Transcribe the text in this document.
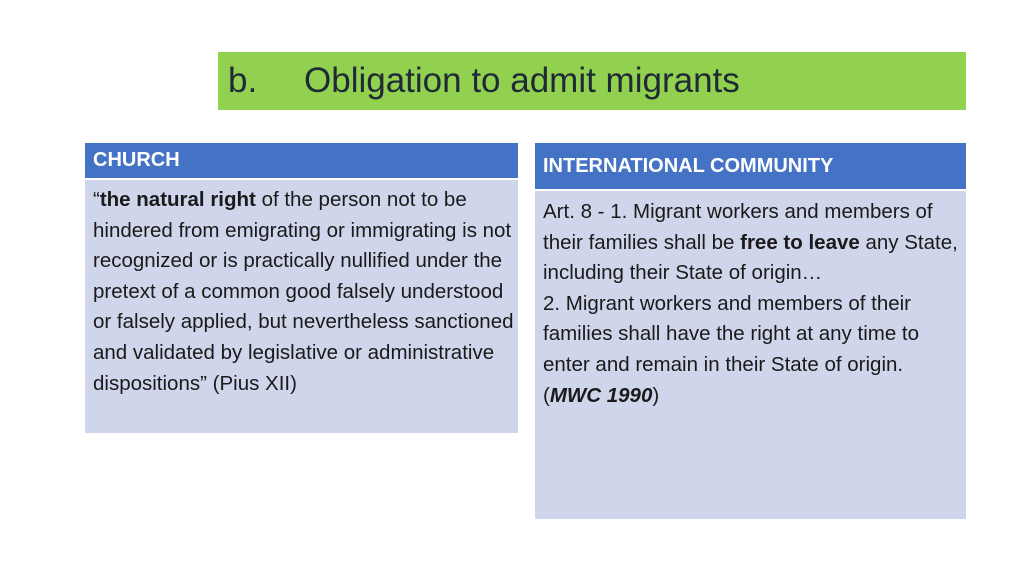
b.	Obligation to admit migrants
CHURCH
“the natural right of the person not to be hindered from emigrating or immigrating is not recognized or is practically nullified under the pretext of a common good falsely understood or falsely applied, but nevertheless sanctioned and validated by legislative or administrative dispositions” (Pius XII)
INTERNATIONAL COMMUNITY
Art. 8 - 1. Migrant workers and members of their families shall be free to leave any State, including their State of origin…
2. Migrant workers and members of their families shall have the right at any time to enter and remain in their State of origin. (MWC 1990)
